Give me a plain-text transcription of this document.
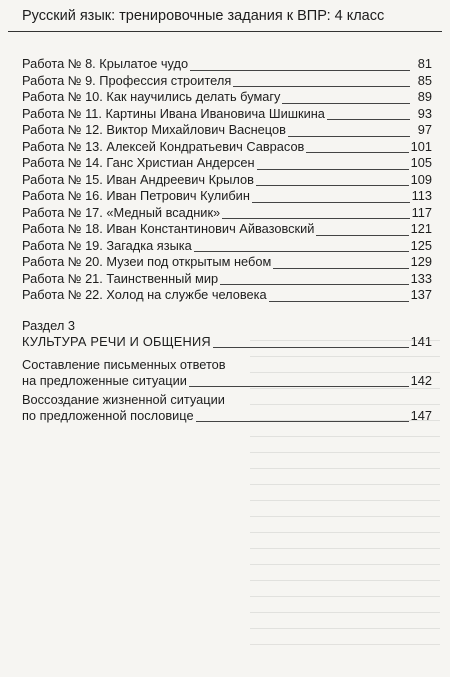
Русский язык: тренировочные задания к ВПР: 4 класс
Работа № 8. Крылатое чудо	81
Работа № 9. Профессия строителя	85
Работа № 10. Как научились делать бумагу	89
Работа № 11. Картины Ивана Ивановича Шишкина	93
Работа № 12. Виктор Михайлович Васнецов	97
Работа № 13. Алексей Кондратьевич Саврасов	101
Работа № 14. Ганс Христиан Андерсен	105
Работа № 15. Иван Андреевич Крылов	109
Работа № 16. Иван Петрович Кулибин	113
Работа № 17. «Медный всадник»	117
Работа № 18. Иван Константинович Айвазовский	121
Работа № 19. Загадка языка	125
Работа № 20. Музеи под открытым небом	129
Работа № 21. Таинственный мир	133
Работа № 22. Холод на службе человека	137
Раздел 3
КУЛЬТУРА РЕЧИ И ОБЩЕНИЯ	141
Составление письменных ответов
на предложенные ситуации	142
Воссоздание жизненной ситуации
по предложенной пословице	147
